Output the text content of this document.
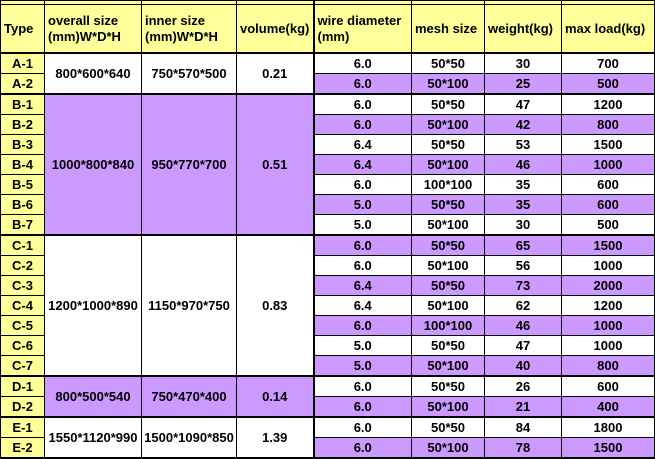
Type	overall size (mm)W*D*H	inner size (mm)W*D*H	volume(kg)	wire diameter (mm)	mesh size	weight(kg)	max load(kg)
A-1	800*600*640	750*570*500	0.21	6.0	50*50	30	700
A-2				6.0	50*100	25	500
B-1	1000*800*840	950*770*700	0.51	6.0	50*50	47	1200
B-2				6.0	50*100	42	800
B-3				6.4	50*50	53	1500
B-4				6.4	50*100	46	1000
B-5				6.0	100*100	35	600
B-6				5.0	50*50	35	600
B-7				5.0	50*100	30	500
C-1	1200*1000*890	1150*970*750	0.83	6.0	50*50	65	1500
C-2				6.0	50*100	56	1000
C-3				6.4	50*50	73	2000
C-4				6.4	50*100	62	1200
C-5				6.0	100*100	46	1000
C-6				5.0	50*50	47	1000
C-7				5.0	50*100	40	800
D-1	800*500*540	750*470*400	0.14	6.0	50*50	26	600
D-2				6.0	50*100	21	400
E-1	1550*1120*990	1500*1090*850	1.39	6.0	50*50	84	1800
E-2				6.0	50*100	78	1500
